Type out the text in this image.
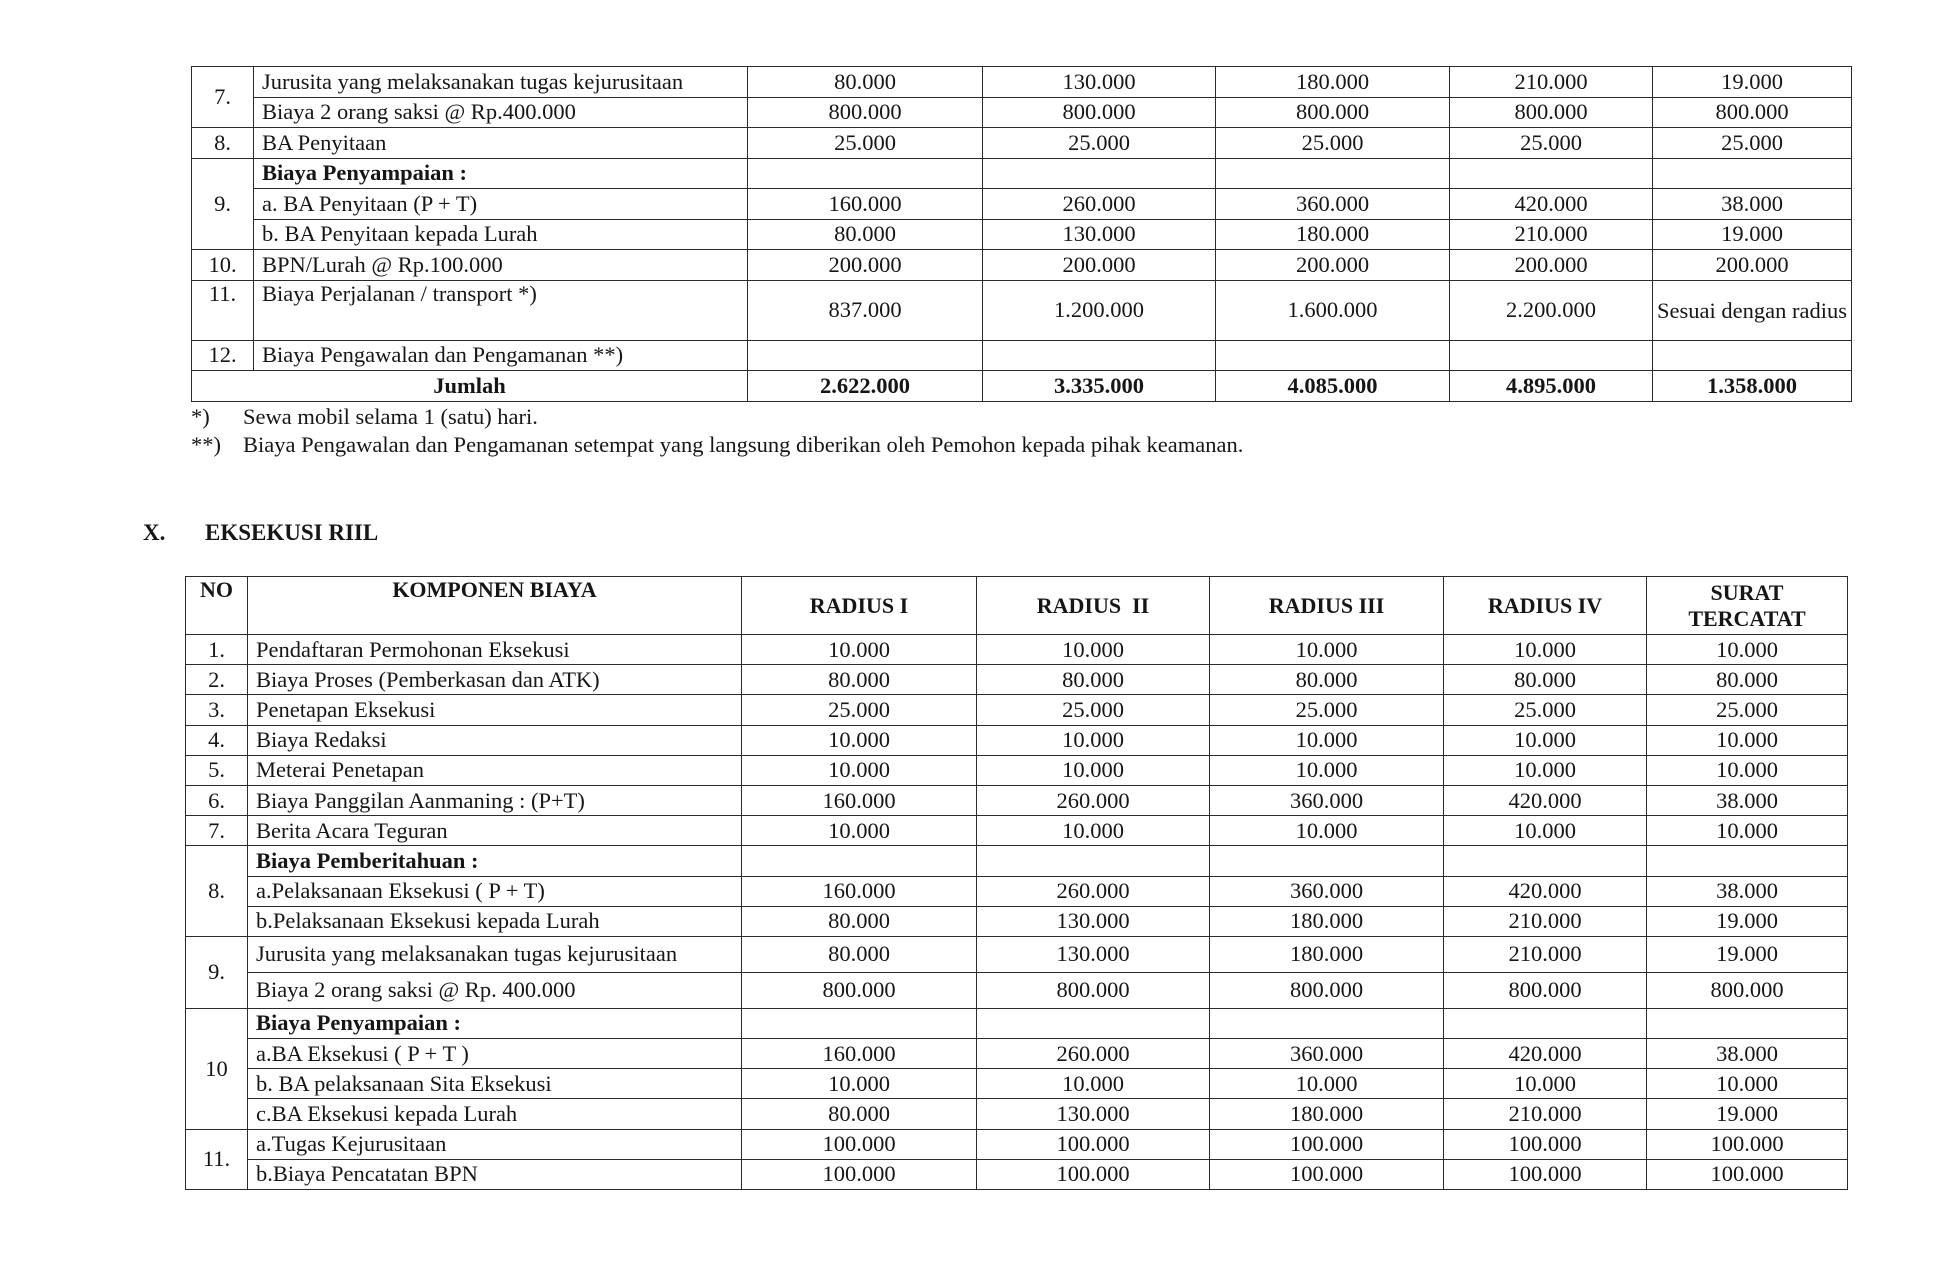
7.	Jurusita yang melaksanakan tugas kejurusitaan	80.000	130.000	180.000	210.000	19.000
	Biaya 2 orang saksi @ Rp.400.000	800.000	800.000	800.000	800.000	800.000
8.	BA Penyitaan	25.000	25.000	25.000	25.000	25.000
9.	Biaya Penyampaian :					
	a. BA Penyitaan (P + T)	160.000	260.000	360.000	420.000	38.000
	b. BA Penyitaan kepada Lurah	80.000	130.000	180.000	210.000	19.000
10.	BPN/Lurah @ Rp.100.000	200.000	200.000	200.000	200.000	200.000
11.	Biaya Perjalanan / transport *)	837.000	1.200.000	1.600.000	2.200.000	Sesuai dengan radius
12.	Biaya Pengawalan dan Pengamanan **)					
Jumlah		2.622.000	3.335.000	4.085.000	4.895.000	1.358.000
*) Sewa mobil selama 1 (satu) hari.
**) Biaya Pengawalan dan Pengamanan setempat yang langsung diberikan oleh Pemohon kepada pihak keamanan.
X. EKSEKUSI RIIL
NO	KOMPONEN BIAYA	RADIUS I	RADIUS  II	RADIUS III	RADIUS IV	SURAT
TERCATAT

1.	Pendaftaran Permohonan Eksekusi	10.000	10.000	10.000	10.000	10.000
2.	Biaya Proses (Pemberkasan dan ATK)	80.000	80.000	80.000	80.000	80.000
3.	Penetapan Eksekusi	25.000	25.000	25.000	25.000	25.000
4.	Biaya Redaksi	10.000	10.000	10.000	10.000	10.000
5.	Meterai Penetapan	10.000	10.000	10.000	10.000	10.000
6.	Biaya Panggilan Aanmaning : (P+T)	160.000	260.000	360.000	420.000	38.000
7.	Berita Acara Teguran	10.000	10.000	10.000	10.000	10.000
8.	Biaya Pemberitahuan :					
	a.Pelaksanaan Eksekusi ( P + T)	160.000	260.000	360.000	420.000	38.000
	b.Pelaksanaan Eksekusi kepada Lurah	80.000	130.000	180.000	210.000	19.000
9.	Jurusita yang melaksanakan tugas kejurusitaan	80.000	130.000	180.000	210.000	19.000
	Biaya 2 orang saksi @ Rp. 400.000	800.000	800.000	800.000	800.000	800.000
10	Biaya Penyampaian :					
	a.BA Eksekusi ( P + T )	160.000	260.000	360.000	420.000	38.000
	b. BA pelaksanaan Sita Eksekusi	10.000	10.000	10.000	10.000	10.000
	c.BA Eksekusi kepada Lurah	80.000	130.000	180.000	210.000	19.000
11.	a.Tugas Kejurusitaan	100.000	100.000	100.000	100.000	100.000
	b.Biaya Pencatatan BPN	100.000	100.000	100.000	100.000	100.000
